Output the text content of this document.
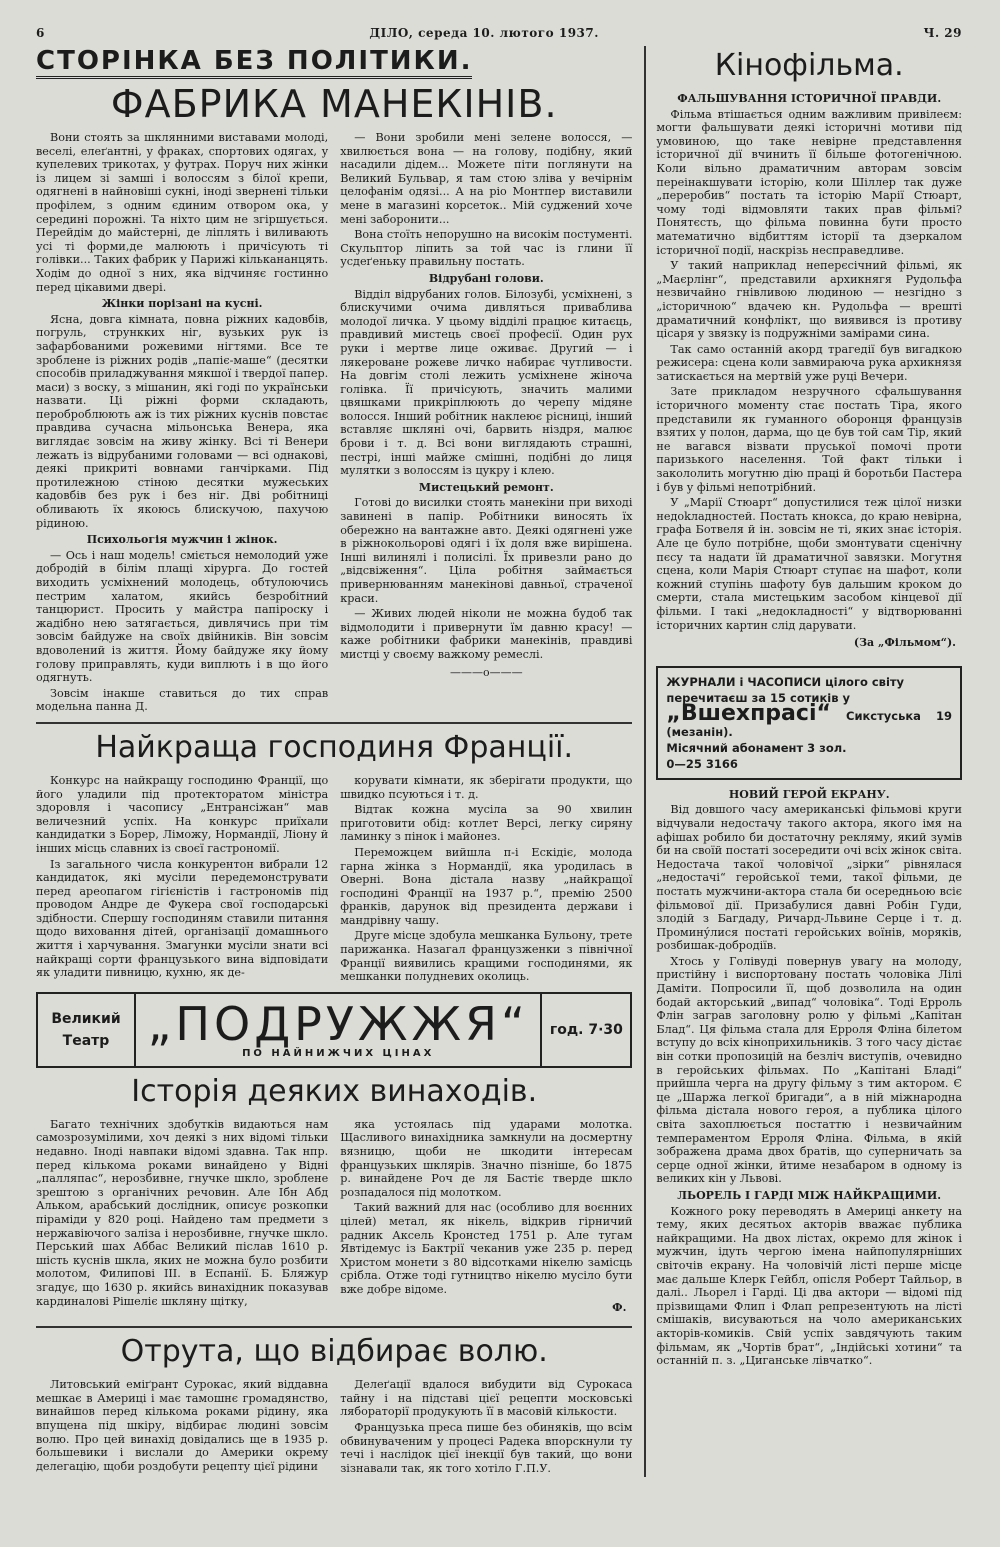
6	ДІЛО, середа 10. лютого 1937.	Ч. 29
СТОРІНКА БЕЗ ПОЛІТИКИ.
ФАБРИКА МАНЕКІНІВ.
Вони стоять за шклянними виставами молоді, веселі, елеґантні, у фраках, спортових одягах, у купелевих трикотах, у футрах. Поруч них жінки із лицем зі замші і волоссям з білої крепи, одягнені в найновіші сукні, іноді звернені тільки профілем, з одним єдиним отвором ока, у середині порожні. Та ніхто цим не згіршується. Перейдім до майстерні, де ліплять і виливають усі ті форми,де малюють і причісують ті голівки... Таких фабрик у Парижі кількананцять. Ходім до одної з них, яка відчиняє гостинно перед цікавими двері.
Жінки порізані на куснi.
Ясна, довга кімната, повна ріжних кадовбів, погруль, стрункких ніг, вузьких рук із зафарбованими рожевими нігтями. Все те зроблене із ріжних родів „папіє-маше“ (десятки способів приладжування мякшої і твердої папер. маси) з воску, з мішанин, які годі по українськи назвати. Ці ріжні форми складають, пероброблюють аж із тих ріжних куснів повстає правдива сучасна мільонська Венера, яка виглядає зовсім на живу жінку. Всі ті Венери лежать із відрубаними головами — всі однакові, деякі прикриті вовнами ганчірками. Під протилежною стіною десятки мужеських кадовбів без рук і без ніг. Дві робітниці обливають їх якоюсь блискучою, пахучою рідиною.
Психольогія мужчин і жінок.
— Ось і наш модель! сміється немолодий уже добродій в білім плащі хірурга. До гостей виходить усміхнений молодець, обтулоючись пестрим халатом, якийсь безробітний танцюрист. Просить у майстра папіроску і жадібно нею затягається, дивлячись при тім зовсім байдуже на своїх двійників. Він зовсім вдоволений із життя. Йому байдуже яку йому голову приправлять, куди виплють і в що його одягнуть.
Зовсім інакше ставиться до тих справ модельна панна Д.
— Вони зробили мені зелене волосся, — хвилюється вона — на голову, подібну, який насадили дідем... Можете піти поглянути на Великий Бульвар, я там стою зліва у вечірнім целофанім одязі... А на ріо Монтпер виставили мене в магазині корсеток.. Мій суджений хоче мені заборонити...
Вона стоїть непорушно на високім постументі. Скульптор ліпить за той час із глини її усдеґеньку правильну постать.
Відрубані голови.
Відділ відрубаних голов. Білозубі, усміхнені, з блискучими очима дивляться приваблива молодої личка. У цьому відділі працює китаєць, правдивий мистець своєї професії. Один рух руки і мертве лице оживає. Другий — і лякероване рожеве личко набирає чутливости. На довгім столі лежить усміхнене жіноча голівка. Її причісують, значить малими цвяшками прикріплюють до черепу мідяне волосся. Інший робітник наклеює рісниці, інший вставляє шкляні очі, барвить ніздря, малює брови і т. д. Всі вони виглядають страшні, пестрі, інші майже смішні, подібні до лиця мулятки з волоссям із цукру і клею.
Мистецький ремонт.
Готові до висилки стоять манекіни при виході завинені в папір. Робітники виносять їх обережно на вантажне авто. Деякі одягнені уже в ріжнокольорові одягі і їх доля вже вирішена. Інші вилинялі і полисілі. Їх привезли рано до „відсвіження“. Ціла робітня займається привернюванням манекінові давньої, страченої краси.
— Живих людей ніколи не можна будоб так відмолодити і привернути їм давню красу! — каже робітники фабрики манекінів, правдиві мистці у своєму важкому ремеслі.
———o———
Найкраща господиня Франції.

Конкурс на найкращу господиню Франції, що його уладили під протекторатом міністра здоровля і часопису „Ентрансіжан“ мав величезний успіх. На конкурс приїхали кандидатки з Борер, Ліможу, Нормандії, Ліону й інших місць славних із своєї гастрономії.

Із загального числа конкурентон вибрали 12 кандидаток, які мусіли передемонструвати перед ареопагом гігієністів і гастрономів під проводом Андре де Фукера свої господарські здібности. Спершу господиням ставили питання щодо виховання дітей, організації домашнього життя і харчування. Змагунки мусіли знати всі найкращі сорти французького вина відповідати як уладити пивницю, кухню, як де-

корувати кімнати, як зберігати продукти, що швидко псуються і т. д.

Відтак кожна мусіла за 90 хвилин приготовити обід: котлет Версі, легку сиряну ламинку з пінок і майонез.

Переможцем вийшла п-і Ескідіє, молода гарна жінка з Нормандії, яка уродилась в Оверні. Вона дістала назву „найкращої господині Франції на 1937 р.“, премію 2500 франків, дарунок від президента держави і мандрівну чашу.

Друге місце здобула мешканка Бульону, трете парижанка. Назагал французженки з північної Франції виявились кращими господинями, як мешканки полудневих околиць.

Великий
Театр „ПОДРУЖЖЯ“
ПО НАЙНИЖЧИХ ЦІНАХ
год. 7·30
Історія деяких винаходів.

Багато технічних здобутків видаються нам самозрозумілими, хоч деякі з них відомі тільки недавно. Іноді навпаки відомі здавна. Так нпр. перед кількома роками винайдено у Відні „палляпас“, нерозбивне, гнучке шкло, зроблене зрештою з органічних речовин. Але Ібн Абд Альком, арабський дослідник, описує розкопки піраміди у 820 році. Найдено там предмети з нержавіючого заліза і нерозбивне, гнучке шкло. Перський шах Аббас Великий післав 1610 р. шість куснів шкла, яких не можна було розбити молотом, Филипові III. в Еспанії. Б. Бляжур згадує, що 1630 р. якийсь винахідник показував кардиналові Рішеліє шкляну щітку,

яка устоялась під ударами молотка. Щасливого винахідника замкнули на досмертну вязницю, щоби не шкодити інтересам французьких шклярів. Значно пізніше, бо 1875 р. винайдене Роч де ля Бастіє тверде шкло розпадалося під молотком.

Такий важний для нас (особливо для воєнних цілей) метал, як нікель, відкрив гірничий радник Аксель Кронстед 1751 р. Але тугам Явтідемус із Бактрії чеканив уже 235 р. перед Христом монети з 80 відсотками нікелю замісць срібла. Отже тоді гутництво нікелю мусіло бути вже добре відоме.

Ф.
Отрута, що відбирає волю.

Литовський еміґрант Сурокас, який віддавна мешкає в Америці і має тамошнє громадянство, винайшов перед кількома роками рідину, яка впущена під шкіру, відбирає людині зовсім волю. Про цей винахід довідались ще в 1935 р. большевики і вислали до Америки окрему делегацію, щоби роздобути рецепту цієї рідини

Делеґації вдалося вибудити від Сурокаса тайну і на підставі цієї рецепти московські лябораторії продукують її в масовій кількости.

Французька преса пише без обиняків, що всім обвинуваченим у процесі Радека впорскнули ту течі і наслідок цієї інекції був такий, що вони зізнавали так, як того хотіло Г.П.У.

Кінофільма.
ФАЛЬШУВАННЯ ІСТОРИЧНОЇ ПРАВДИ.

Фільма втішається одним важливим привілеєм: могти фальшувати деякі історичні мотиви під умовиною, що таке невірне представлення історичної дії вчинить її більше фотогенічною. Коли вільно драматичним авторам зовсім переінакшувати історію, коли Шіллер так дуже „переробив“ постать та історію Марії Стюарт, чому тоді відмовляти таких прав фільмі? Понятєсть, що фільма повинна бути просто математично відбиттям історії та дзеркалом історичної події, наскрізь несправедливе.

У такий наприклад неперєсічний фільмі, як „Маєрлінг“, представили архикнягя Рудольфа незвичайно гнівливою людиною — незгідно з „історичною“ вдачею кн. Рудольфа — врешті драматичний конфлікт, що виявився із противу цісаря у звязку із подружніми замірами сина.

Так само останній акорд трагедії був вигадкою режисера: сцена коли завмираюча рука архикнязя затискається на мертвій уже руці Вечери.

Зате прикладом незручного сфальшування історичного моменту стає постать Тіра, якого представили як гуманного оборонця французів взятих у полон, дарма, що це був той сам Тір, який не вагався візвати пруської помочі проти паризького населення. Той факт тільки і закололить могутню дію праці й боротьби Пастера і був у фільмі непотрібний.

У „Марії Стюарт“ допустилися теж цілої низки недоkладностей. Постать кнокса, до краю невірна, графа Ботвеля й ін. зовсім не ті, яких знає історія. Але це було потрібне, щоби змонтувати сценічну пєсу та надати їй драматичної завязки. Могутня сцена, коли Марія Стюарт ступає на шафот, коли кожний ступінь шафоту був дальшим кроком до смерти, стала мистецьким засобом кінцевої дії фільми. І такі „недокладності“ у відтворюванні історичних картин слід дарувати.

(За „Фільмом“).
ЖУРНАЛИ і ЧАСОПИСИ цілого світу
перечитаєш за 15 сотиків у
„Вшехпрасі“ Сикстуська 19 (мезанін).
Місячний абонамент 3 зол.
0—25 3166
НОВИЙ ГЕРОЙ ЕКРАНУ.

Від довшого часу американські фільмові круги відчували недостачу такого актора, якого імя на афішах робило би достаточну рекляму, який зумів би на своїй постаті зосередити очі всіх жінок світа. Недостача такої чоловічої „зірки“ рівнялася „недостачі“ геройської теми, такої фільми, де постать мужчини-актора стала би осередньою всіє фільмової дії. Призабулися давні Робін Гуди, злодій з Багдаду, Ричард-Львине Серце і т. д. Промину́лися постаті геройських воїнів, моряків, розбишак-добродіїв.

Хтось у Голівуді повернув увагу на молоду, пристійну і виспортовану постать чоловіка Лілі Даміти. Попросили її, щоб дозволила на один бодай акторський „випад“ чоловіка“. Тоді Ерроль Флін заграв заголовну ролю у фільмі „Капітан Блад“. Ця фільма стала для Ерроля Фліна білетом вступу до всіх кіноприхильників. З того часу дістає він сотки пропозицій на безліч виступів, очевидно в геройських фільмах. По „Капітані Бладі“ прийшла черга на другу фільму з тим актором. Є це „Шаржа легкої бригади“, а в ній міжнародна фільма дістала нового героя, а публика цілого світа захоплюється постаттю і незвичайним темпераментом Ерроля Фліна. Фільма, в якій зображена драма двох братів, що суперничать за серце одної жінки, йтиме незабаром в одному із великих кін у Львові.

ЛЬОРЕЛЬ І ГАРДІ МІЖ НАЙКРАЩИМИ.

Кожного року переводять в Америці анкету на тему, яких десятьох акторів вважає публика найкращими. На двох лістах, окремо для жінок і мужчин, ідуть чергою імена найпопулярніших світочів екрану. На чоловічій лісті перше місце має дальше Клерк Гейбл, опісля Роберт Тайльор, в далі.. Льорел і Гарді. Ці два актори — відомі під прізвищами Флип і Флап репрезентують на лісті смішаків, висуваються на чоло американських акторів-комиків. Свій успіх завдячують таким фільмам, як „Чортів брат“, „Індійські хотини“ та останній п. з. „Циганське лівчатко“.
